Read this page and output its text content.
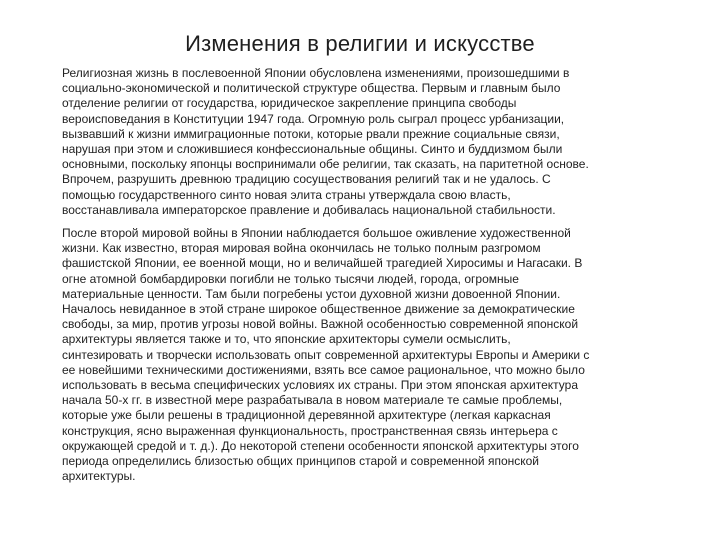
Изменения в религии и искусстве

Религиозная жизнь в послевоенной Японии обусловлена изменениями, произошедшими в
социально-экономической и политической структуре общества. Первым и главным было
отделение религии от государства, юридическое закрепление принципа свободы
вероисповедания в Конституции 1947 года. Огромную роль сыграл процесс урбанизации,
вызвавший к жизни иммиграционные потоки, которые рвали прежние социальные связи,
нарушая при этом и сложившиеся конфессиональные общины. Синто и буддизмом были
основными, поскольку японцы воспринимали обе религии, так сказать, на паритетной основе.
Впрочем, разрушить древнюю традицию сосуществования религий так и не удалось. С
помощью государственного синто новая элита страны утверждала свою власть,
восстанавливала императорское правление и добивалась национальной стабильности.

После второй мировой войны в Японии наблюдается большое оживление художественной
жизни. Как известно, вторая мировая война окончилась не только полным разгромом
фашистской Японии, ее военной мощи, но и величайшей трагедией Хиросимы и Нагасаки. В
огне атомной бомбардировки погибли не только тысячи людей, города, огромные
материальные ценности. Там были погребены устои духовной жизни довоенной Японии.
Началось невиданное в этой стране широкое общественное движение за демократические
свободы, за мир, против угрозы новой войны. Важной особенностью современной японской
архитектуры является также и то, что японские архитекторы сумели осмыслить,
синтезировать и творчески использовать опыт современной архитектуры Европы и Америки с
ее новейшими техническими достижениями, взять все самое рациональное, что можно было
использовать в весьма специфических условиях их страны. При этом японская архитектура
начала 50-х гг. в известной мере разрабатывала в новом материале те самые проблемы,
которые уже были решены в традиционной деревянной архитектуре (легкая каркасная
конструкция, ясно выраженная функциональность, пространственная связь интерьера с
окружающей средой и т. д.). До некоторой степени особенности японской архитектуры этого
периода определились близостью общих принципов старой и современной японской
архитектуры.
